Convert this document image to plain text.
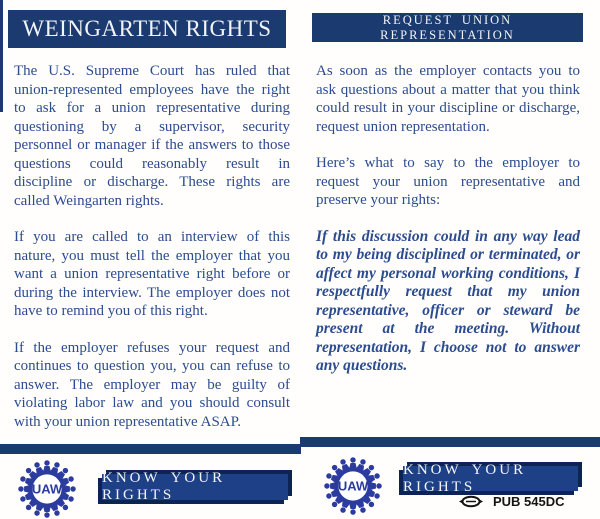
WEINGARTEN RIGHTS	REQUEST UNION REPRESENTATION

The U.S. Supreme Court has ruled that union-represented employees have the right to ask for a union representative during questioning by a supervisor, security personnel or manager if the answers to those questions could reasonably result in discipline or discharge. These rights are called Weingarten rights.

If you are called to an interview of this nature, you must tell the employer that you want a union representative right before or during the interview. The employer does not have to remind you of this right.

If the employer refuses your request and continues to question you, you can refuse to answer. The employer may be guilty of violating labor law and you should consult with your union representative ASAP.

As soon as the employer contacts you to ask questions about a matter that you think could result in your discipline or discharge, request union representation.

Here’s what to say to the employer to request your union representative and preserve your rights:

If this discussion could in any way lead to my being disciplined or terminated, or affect my personal working conditions, I respectfully request that my union representative, officer or steward be present at the meeting. Without representation, I choose not to answer any questions.

UAW
KNOW YOUR RIGHTS
UAW
KNOW YOUR RIGHTS
PUB 545DC
